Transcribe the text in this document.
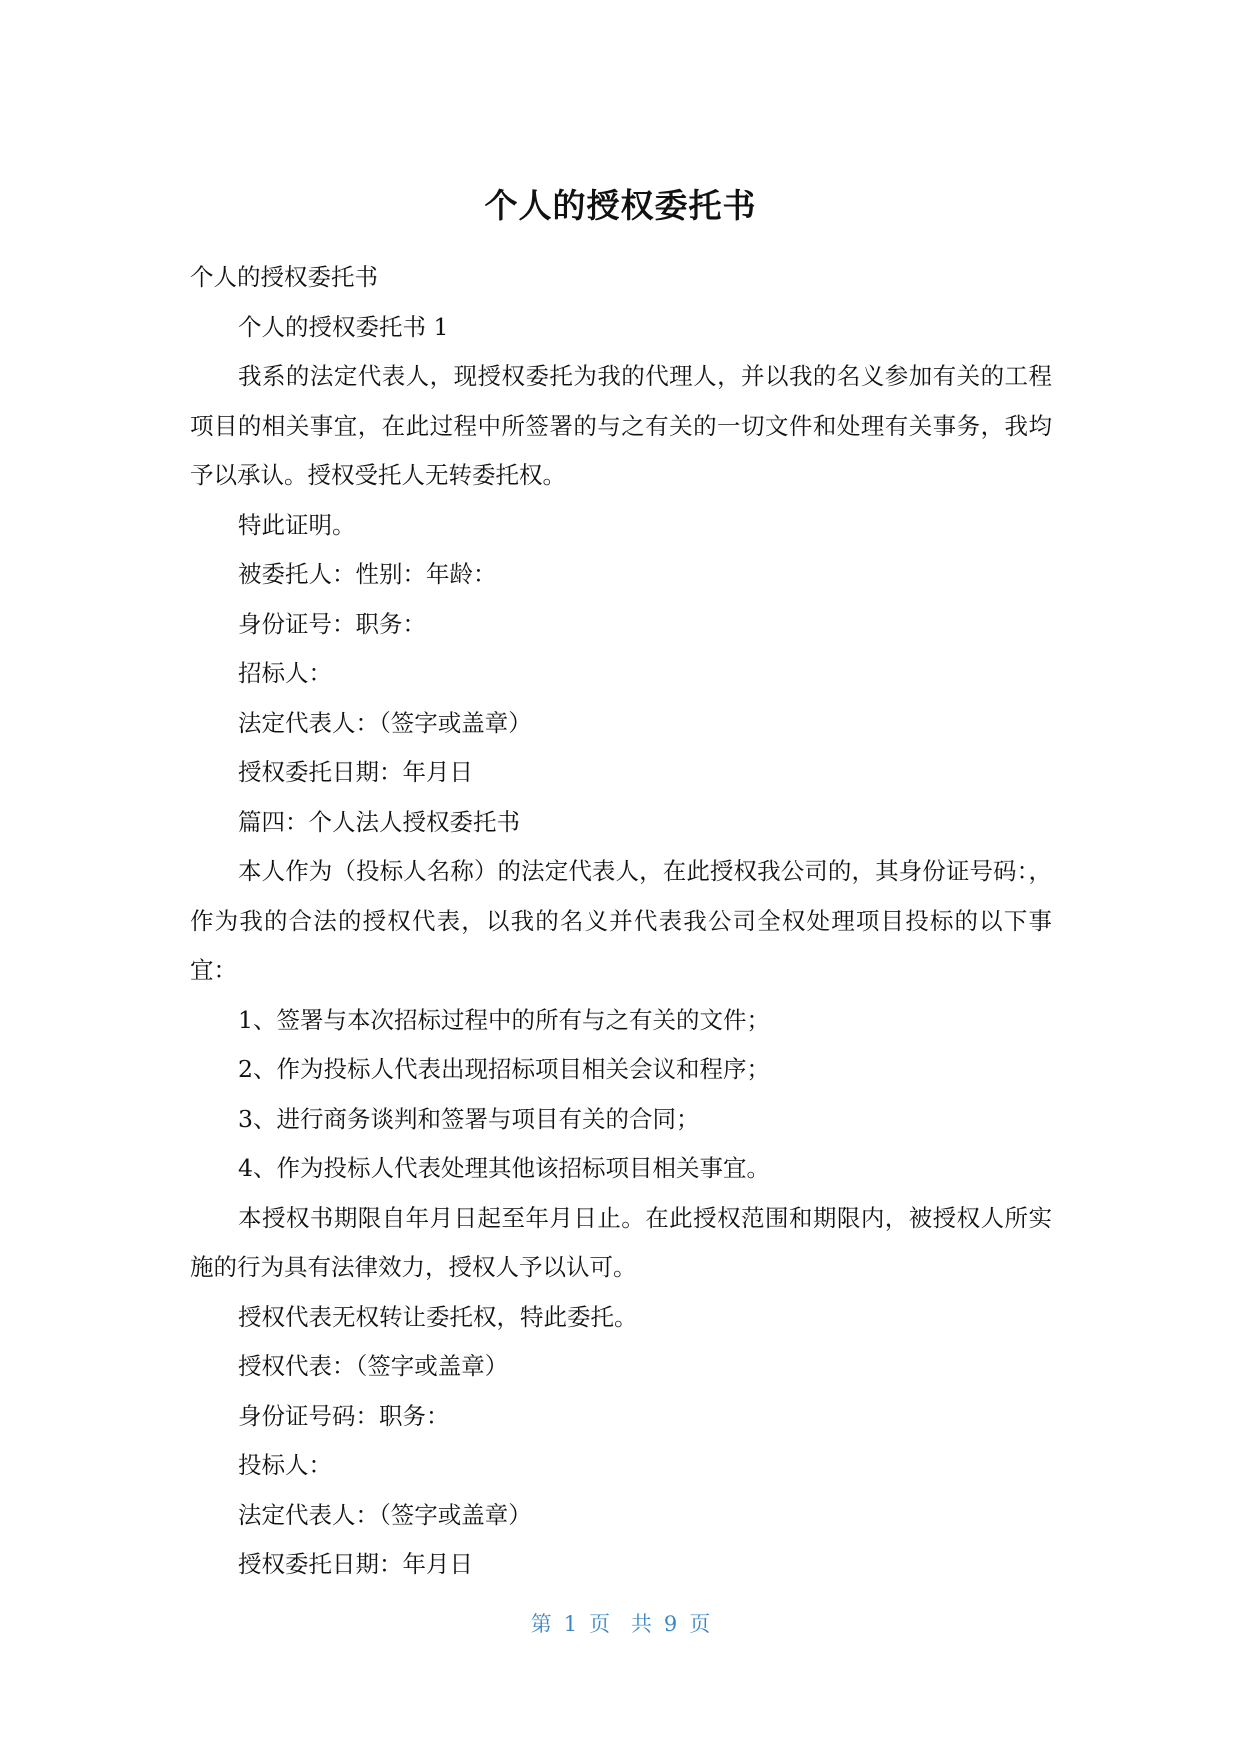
个人的授权委托书

个人的授权委托书

个人的授权委托书 1

我系的法定代表人，现授权委托为我的代理人，并以我的名义参加有关的工程项目的相关事宜，在此过程中所签署的与之有关的一切文件和处理有关事务，我均予以承认。授权受托人无转委托权。

特此证明。

被委托人：性别：年龄：

身份证号：职务：

招标人：

法定代表人：（签字或盖章）

授权委托日期：年月日

篇四：个人法人授权委托书

本人作为（投标人名称）的法定代表人，在此授权我公司的，其身份证号码：，作为我的合法的授权代表，以我的名义并代表我公司全权处理项目投标的以下事宜：

1、签署与本次招标过程中的所有与之有关的文件；

2、作为投标人代表出现招标项目相关会议和程序；

3、进行商务谈判和签署与项目有关的合同；

4、作为投标人代表处理其他该招标项目相关事宜。

本授权书期限自年月日起至年月日止。在此授权范围和期限内，被授权人所实施的行为具有法律效力，授权人予以认可。

授权代表无权转让委托权，特此委托。

授权代表：（签字或盖章）

身份证号码：职务：

投标人：

法定代表人：（签字或盖章）

授权委托日期：年月日

第 1 页 共 9 页
